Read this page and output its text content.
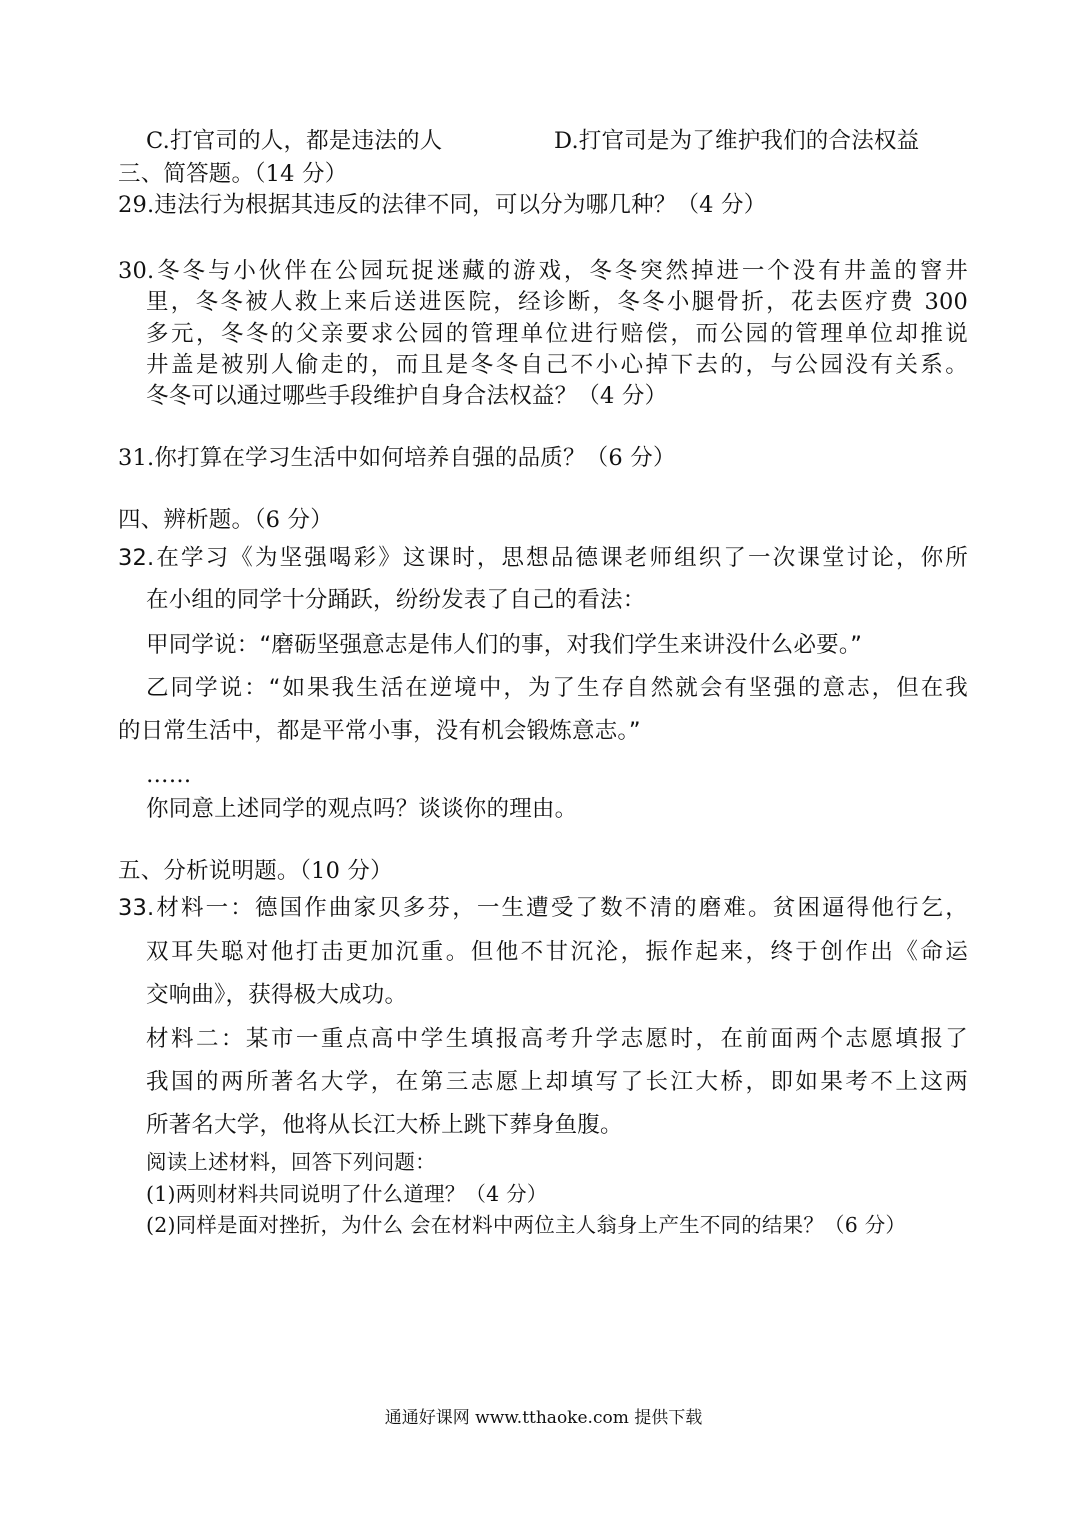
C.打官司的人，都是违法的人	D.打官司是为了维护我们的合法权益
三、简答题。（14 分）
29.违法行为根据其违反的法律不同，可以分为哪几种？（4 分）
30.冬冬与小伙伴在公园玩捉迷藏的游戏，冬冬突然掉进一个没有井盖的窨井
里，冬冬被人救上来后送进医院，经诊断，冬冬小腿骨折，花去医疗费 300
多元，冬冬的父亲要求公园的管理单位进行赔偿，而公园的管理单位却推说
井盖是被别人偷走的，而且是冬冬自己不小心掉下去的，与公园没有关系。
冬冬可以通过哪些手段维护自身合法权益？（4 分）
31.你打算在学习生活中如何培养自强的品质？（6 分）
四、辨析题。（6 分）
32.在学习《为坚强喝彩》这课时，思想品德课老师组织了一次课堂讨论，你所
在小组的同学十分踊跃，纷纷发表了自己的看法：
甲同学说：“磨砺坚强意志是伟人们的事，对我们学生来讲没什么必要。”
乙同学说：“如果我生活在逆境中，为了生存自然就会有坚强的意志，但在我
的日常生活中，都是平常小事，没有机会锻炼意志。”
……
你同意上述同学的观点吗？谈谈你的理由。
五、分析说明题。（10 分）
33.材料一：德国作曲家贝多芬，一生遭受了数不清的磨难。贫困逼得他行乞，
双耳失聪对他打击更加沉重。但他不甘沉沦，振作起来，终于创作出《命运
交响曲》，获得极大成功。
材料二：某市一重点高中学生填报高考升学志愿时，在前面两个志愿填报了
我国的两所著名大学，在第三志愿上却填写了长江大桥，即如果考不上这两
所著名大学，他将从长江大桥上跳下葬身鱼腹。
阅读上述材料，回答下列问题：
(1)两则材料共同说明了什么道理？（4 分）
(2)同样是面对挫折，为什么 会在材料中两位主人翁身上产生不同的结果？（6 分）
通通好课网 www.tthaoke.com 提供下载
